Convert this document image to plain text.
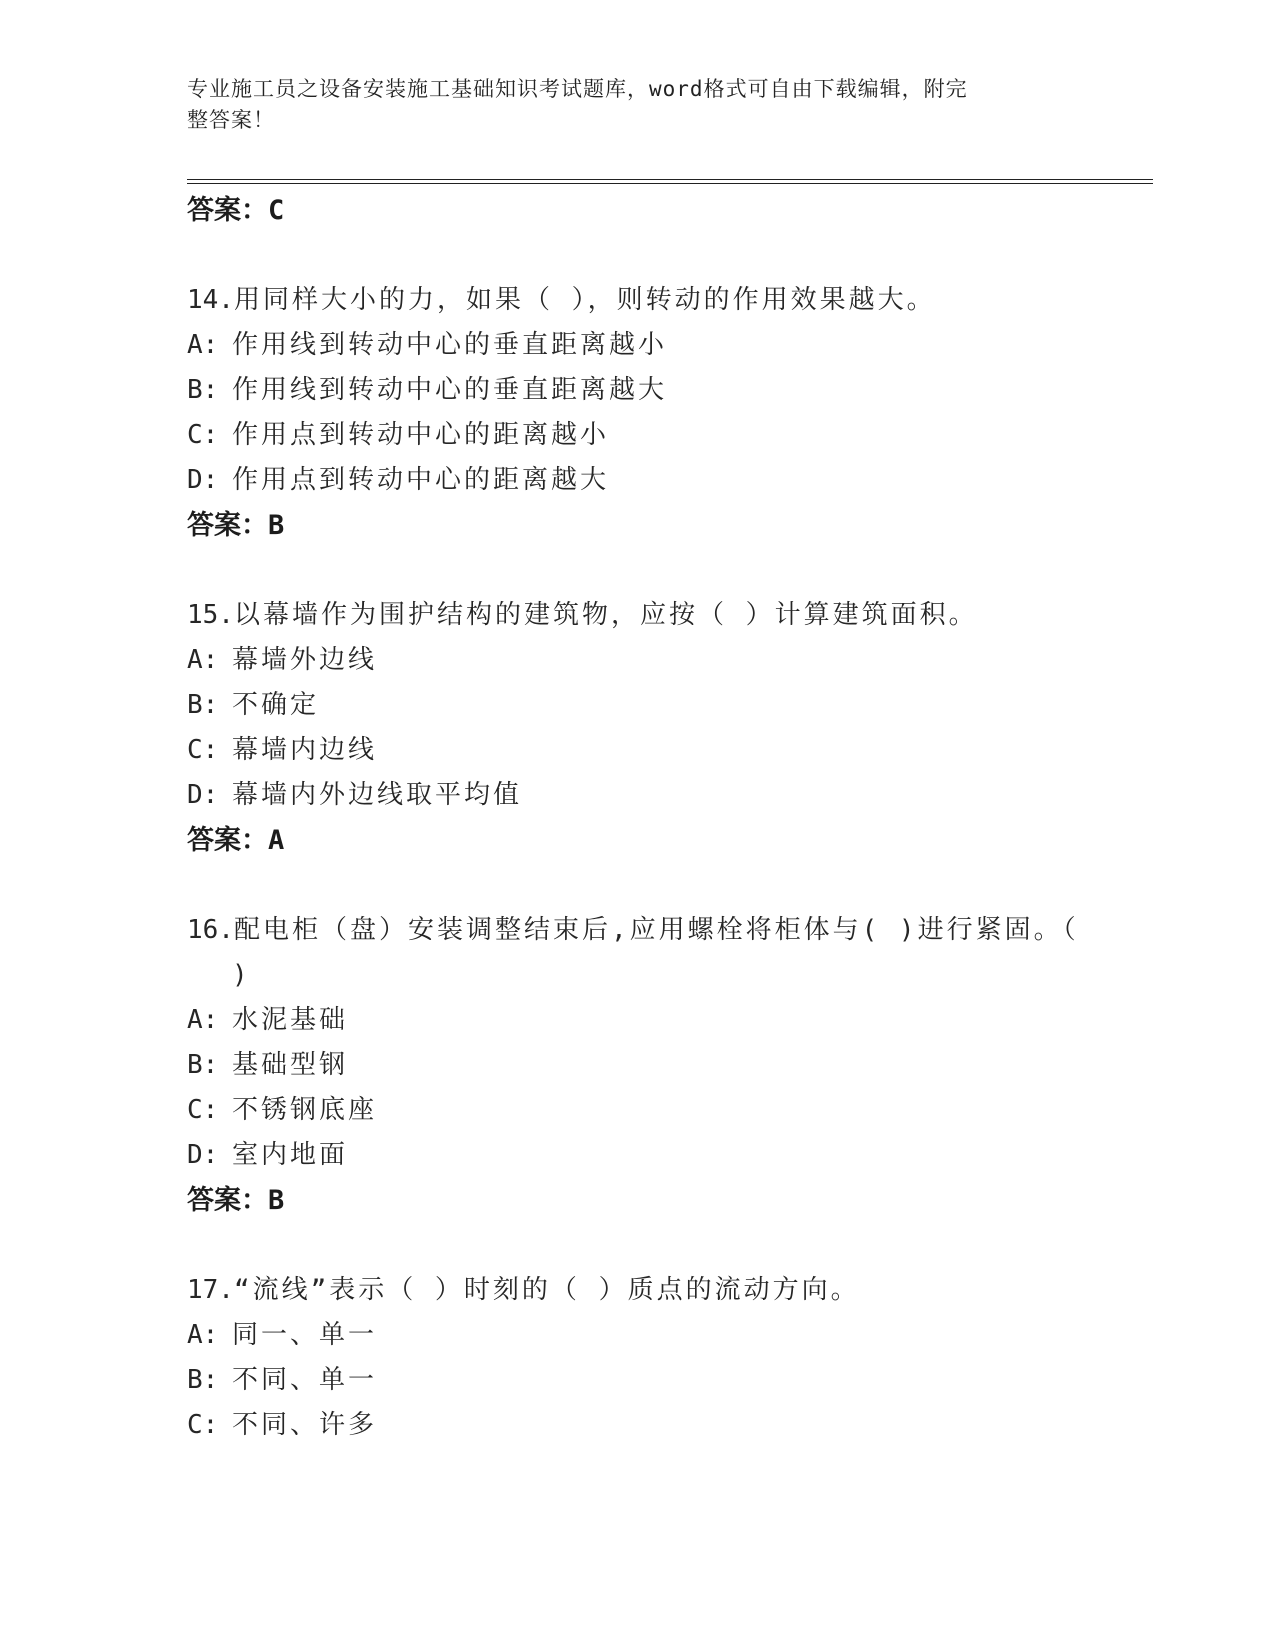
专业施工员之设备安装施工基础知识考试题库，word格式可自由下载编辑，附完
整答案！
答案：C
14.用同样大小的力，如果（ ），则转动的作用效果越大。
A: 作用线到转动中心的垂直距离越小
B: 作用线到转动中心的垂直距离越大
C: 作用点到转动中心的距离越小
D: 作用点到转动中心的距离越大
答案：B
15.以幕墙作为围护结构的建筑物，应按（ ）计算建筑面积。
A: 幕墙外边线
B: 不确定
C: 幕墙内边线
D: 幕墙内外边线取平均值
答案：A
16.配电柜（盘）安装调整结束后,应用螺栓将柜体与( )进行紧固。（
)
A: 水泥基础
B: 基础型钢
C: 不锈钢底座
D: 室内地面
答案：B
17.“流线”表示（ ）时刻的（ ）质点的流动方向。
A: 同一、单一
B: 不同、单一
C: 不同、许多
